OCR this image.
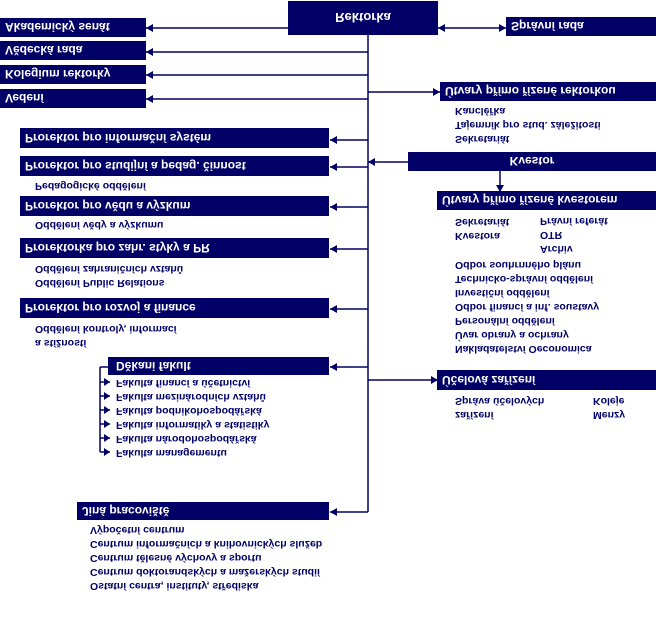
Ostatní centra, instituty, střediska
Centrum doktorandských a mažerských studií
Centrum tělesné výchovy a sportu
Centrum informačních a knihovnických služeb
Výpočetní centrum
Jiná pracoviště
Fakulta managementu
Fakulta národohospodářská
Fakulta informatiky a statistiky
Fakulta podnikohospodářská
Fakulta mezinárodních vztahů
Fakulta financí a účetnictví
Děkani fakult
a stížností
Oddělení kontroly, informací
Prorektor pro rozvoj a finance
Oddělení Public Relations
Oddělení zahraničních vztahů
Prorektorka pro zahr. styky a PR
Oddělení vědy a výzkumu
Prorektor pro vědu a výzkum
Pedagogické oddělení
Prorektor pro studijní a pedag. činnost
Prorektor pro informační systém
Vedení
Kolegium rektorky
Vědecká rada
Akademický senát
Rektorka
zařízení
Správa účelových
Menzy
Koleje
Účelová zařízení
Nakladatelství Oeconomica
Úvar obrany a ochrany
Personální oddělení
Odbor financí a inf. soustavy
Investiční oddělení
Technicko-správní oddělení
Odbor souhrnného plánu
Kvestora
Sekretariát
Archiv
OTR
Právní referát
Útvary přímo řízené kvestorem
Kvestor
Sekretariát
Tajemník pro stud. záležitosti
Kancléřka
Útvary přímo řízené rektorkou
Správní rada
